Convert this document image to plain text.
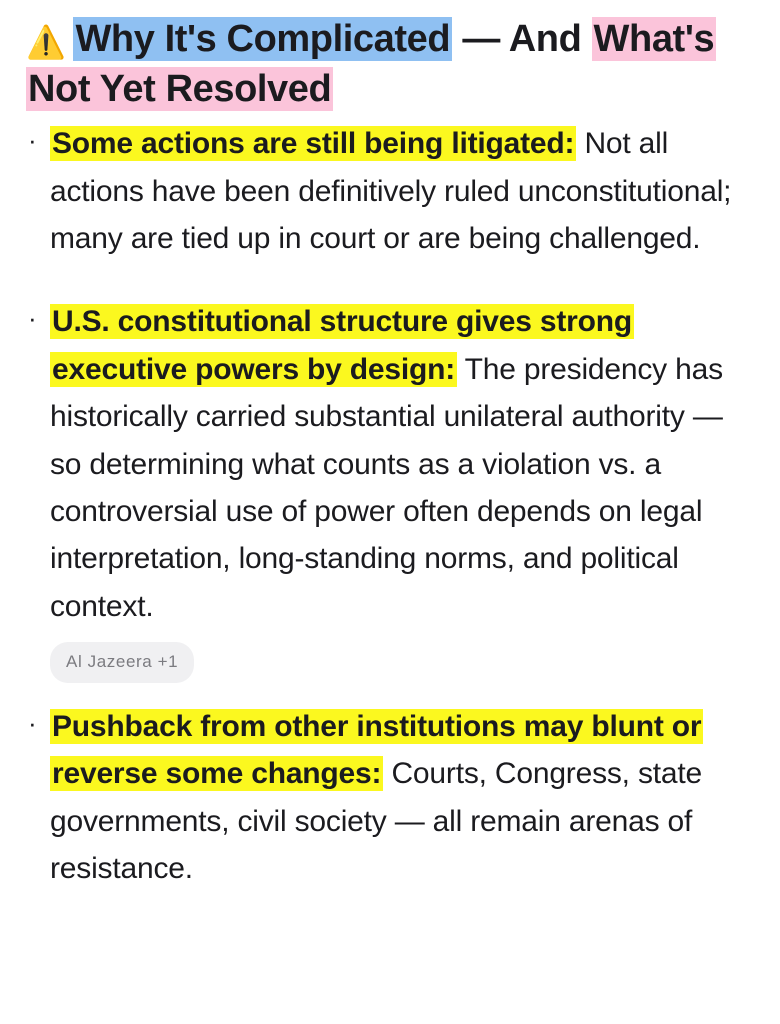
⚠️ Why It's Complicated — And What's Not Yet Resolved
· Some actions are still being litigated: Not all actions have been definitively ruled unconstitutional; many are tied up in court or are being challenged.
· U.S. constitutional structure gives strong executive powers by design: The presidency has historically carried substantial unilateral authority — so determining what counts as a violation vs. a controversial use of power often depends on legal interpretation, long-standing norms, and political context.
Al Jazeera +1
· Pushback from other institutions may blunt or reverse some changes: Courts, Congress, state governments, civil society — all remain arenas of resistance.
